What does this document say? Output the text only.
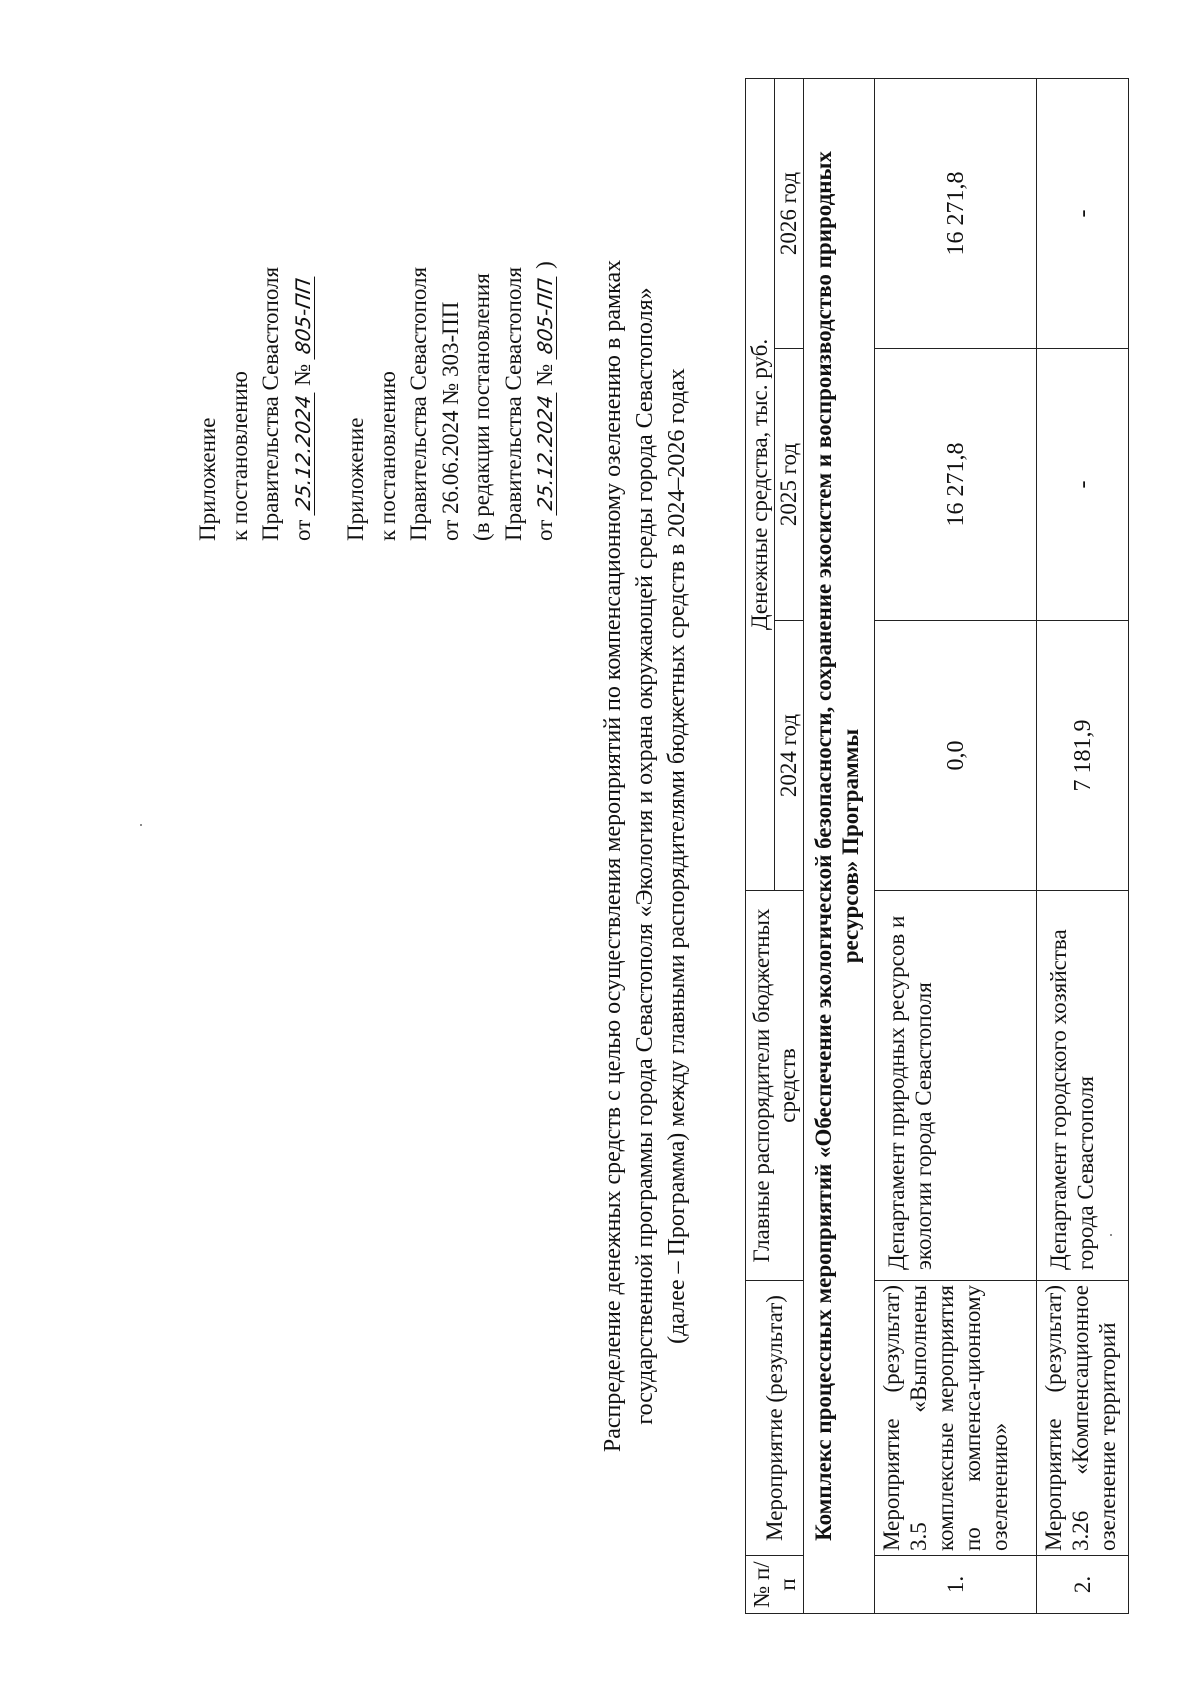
Приложение к постановлению Правительства Севастополя от 25.12.2024 № 805-ПП
Приложение к постановлению Правительства Севастополя от 26.06.2024 № 303-ПП (в редакции постановления Правительства Севастополя от 25.12.2024 № 805-ПП ) Распределение денежных средств с целью осуществления мероприятий по компенсационному озеленению в рамках государственной программы города Севастополя «Экология и охрана окружающей среды города Севастополя» (далее – Программа) между главными распорядителями бюджетных средств в 2024–2026 годах
№ п/п	Мероприятие (результат)	Главные распорядители бюджетных средств	Денежные средства, тыс. руб.		
			2024 год	2025 год	2026 год
Комплекс процессных мероприятий «Обеспечение экологической безопасности, сохранение экосистем и воспроизводство природных ресурсов» Программы					
1.	Мероприятие (результат) 3.5 «Выполнены комплексные мероприятия по компенса-ционному озеленению»	Департамент природных ресурсов и экологии города Севастополя	0,0	16 271,8	16 271,8
2.	Мероприятие (результат) 3.26 «Компенсационное озеленение территорий	Департамент городского хозяйства города Севастополя	7 181,9	-	-
